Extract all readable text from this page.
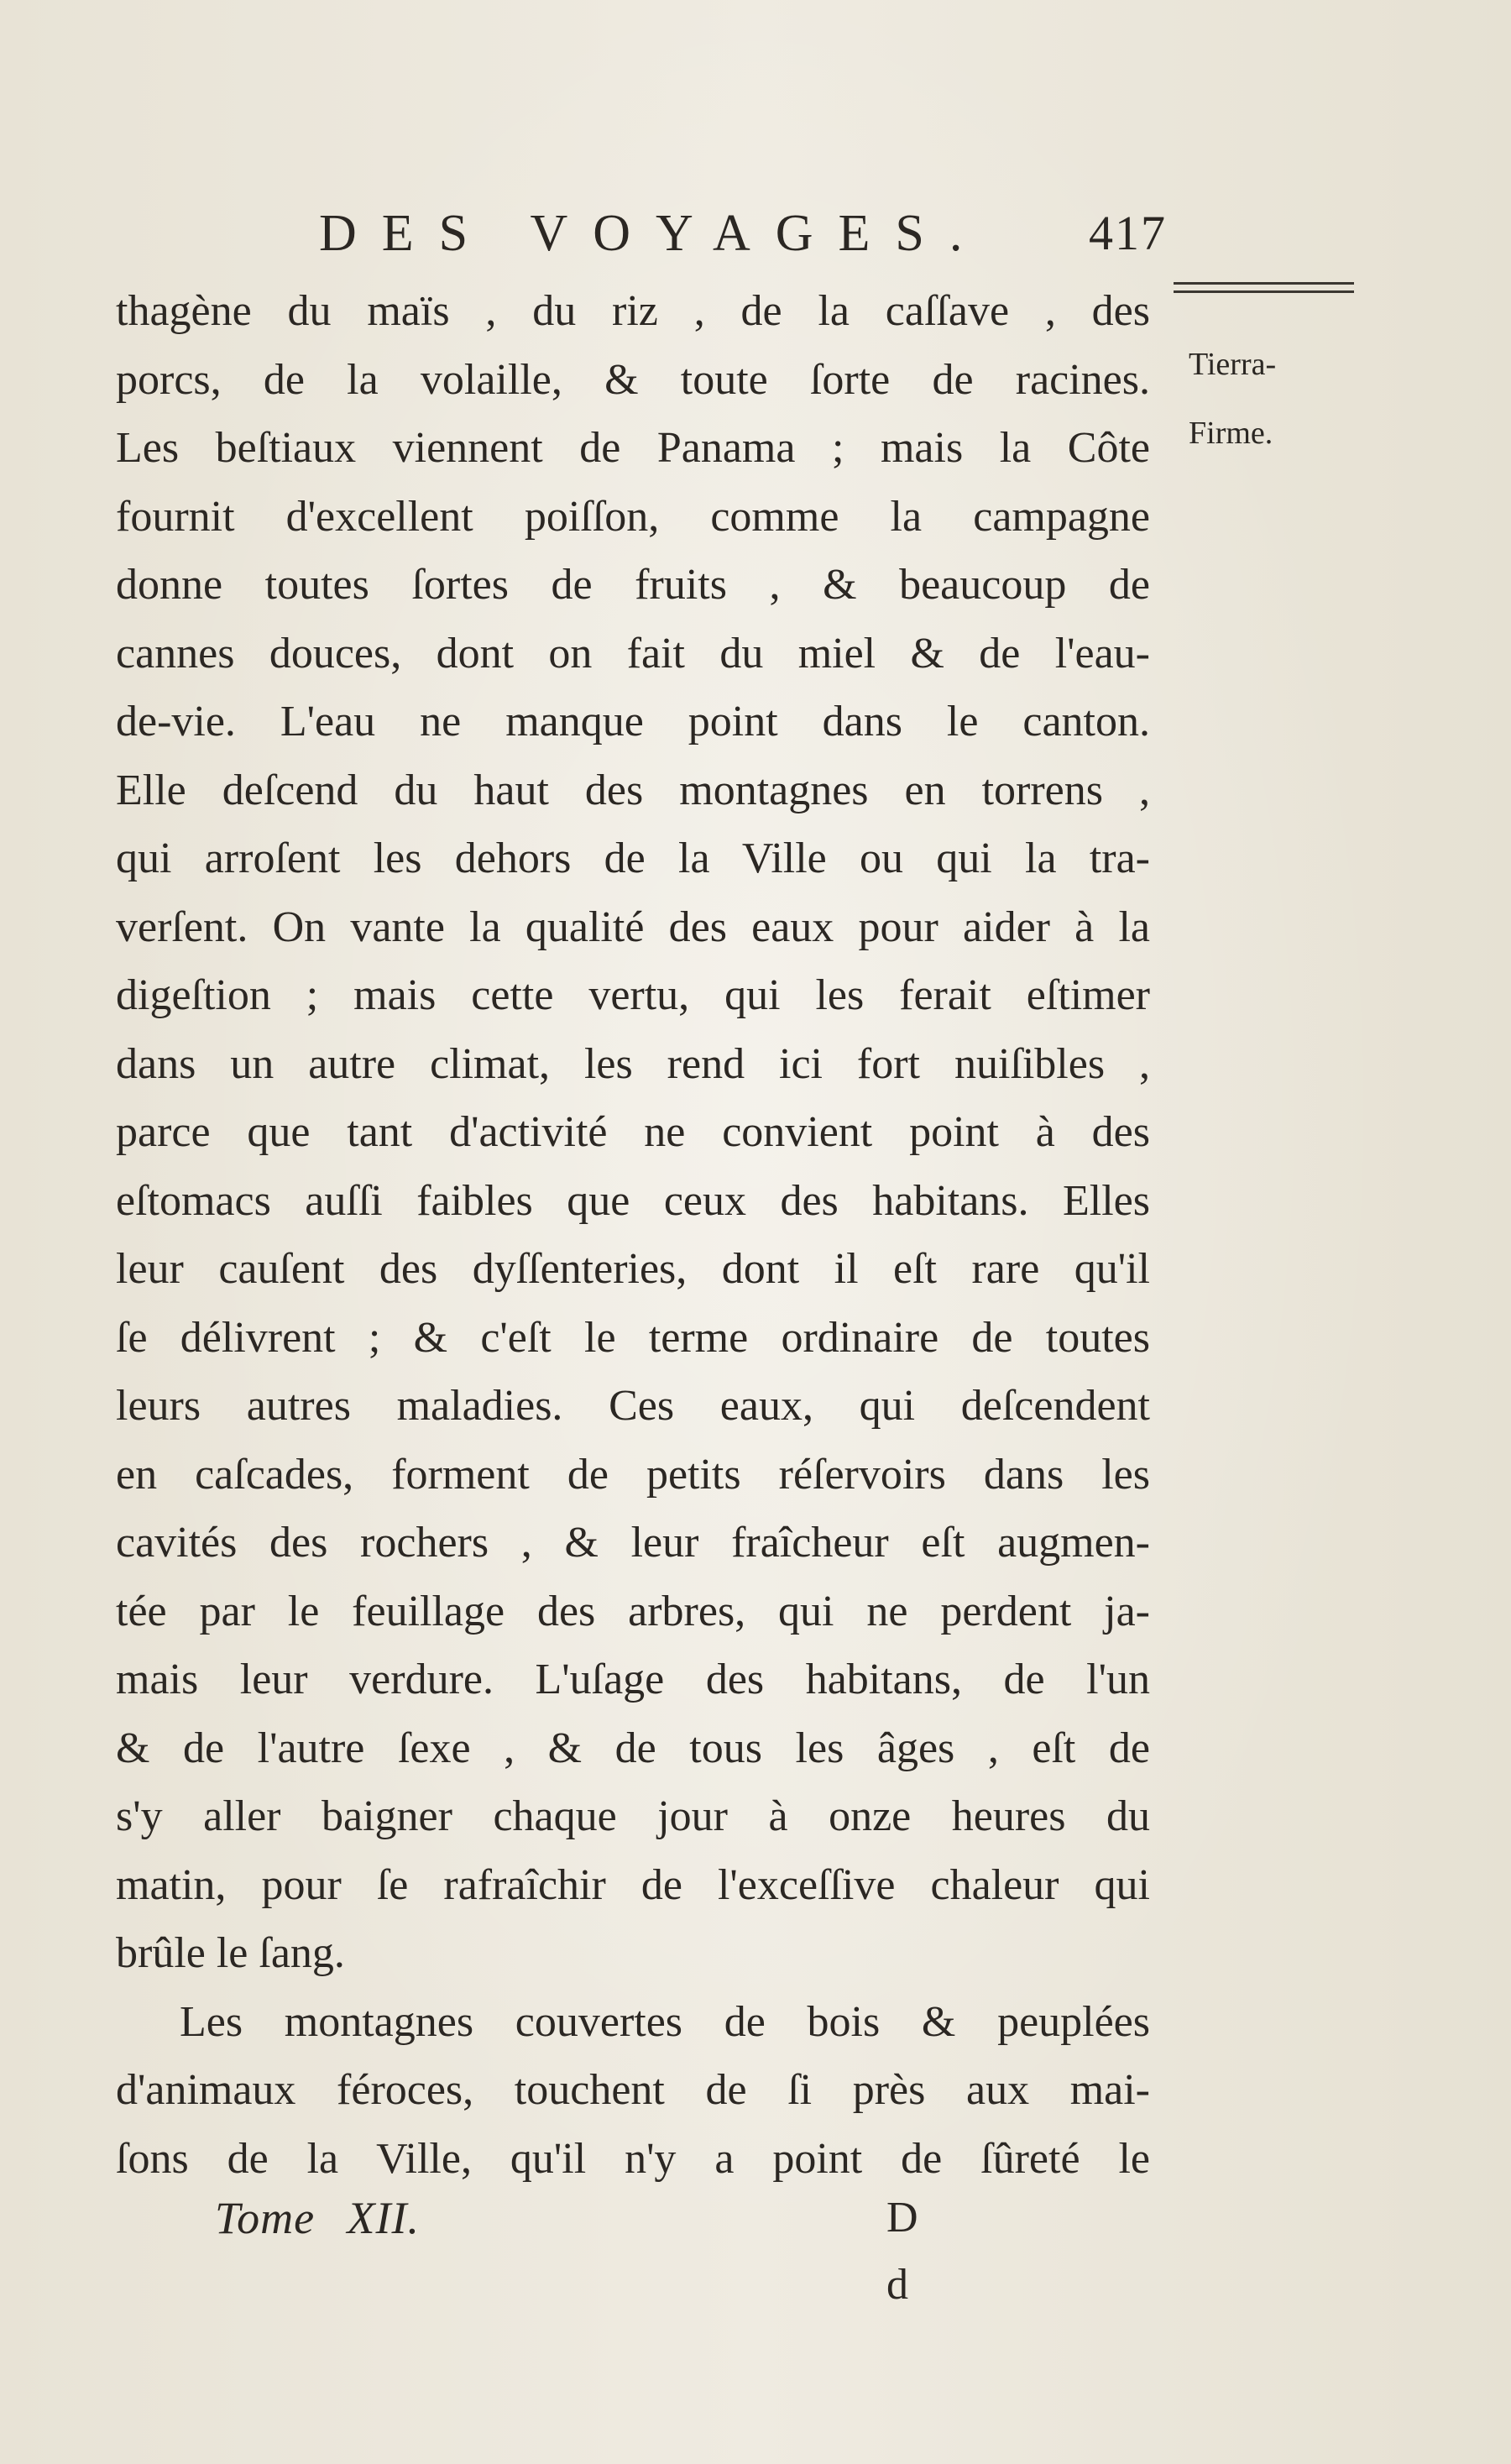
DES VOYAGES. 417
Tierra-
Firme.
thagène du maïs , du riz , de la caſſave , des
porcs, de la volaille, & toute ſorte de racines.
Les beſtiaux viennent de Panama ; mais la Côte
fournit d'excellent poiſſon, comme la campagne
donne toutes ſortes de fruits , & beaucoup de
cannes douces, dont on fait du miel & de l'eau-
de-vie. L'eau ne manque point dans le canton.
Elle deſcend du haut des montagnes en torrens ,
qui arroſent les dehors de la Ville ou qui la tra-
verſent. On vante la qualité des eaux pour aider à la
digeſtion ; mais cette vertu, qui les ferait eſtimer
dans un autre climat, les rend ici fort nuiſibles ,
parce que tant d'activité ne convient point à des
eſtomacs auſſi faibles que ceux des habitans. Elles
leur cauſent des dyſſenteries, dont il eſt rare qu'il
ſe délivrent ; & c'eſt le terme ordinaire de toutes
leurs autres maladies. Ces eaux, qui deſcendent
en caſcades, forment de petits réſervoirs dans les
cavités des rochers , & leur fraîcheur eſt augmen-
tée par le feuillage des arbres, qui ne perdent ja-
mais leur verdure. L'uſage des habitans, de l'un
& de l'autre ſexe , & de tous les âges , eſt de
s'y aller baigner chaque jour à onze heures du
matin, pour ſe rafraîchir de l'exceſſive chaleur qui
brûle le ſang.
Les montagnes couvertes de bois & peuplées
d'animaux féroces, touchent de ſi près aux mai-
ſons de la Ville, qu'il n'y a point de ſûreté le
Tome XII.	D d
